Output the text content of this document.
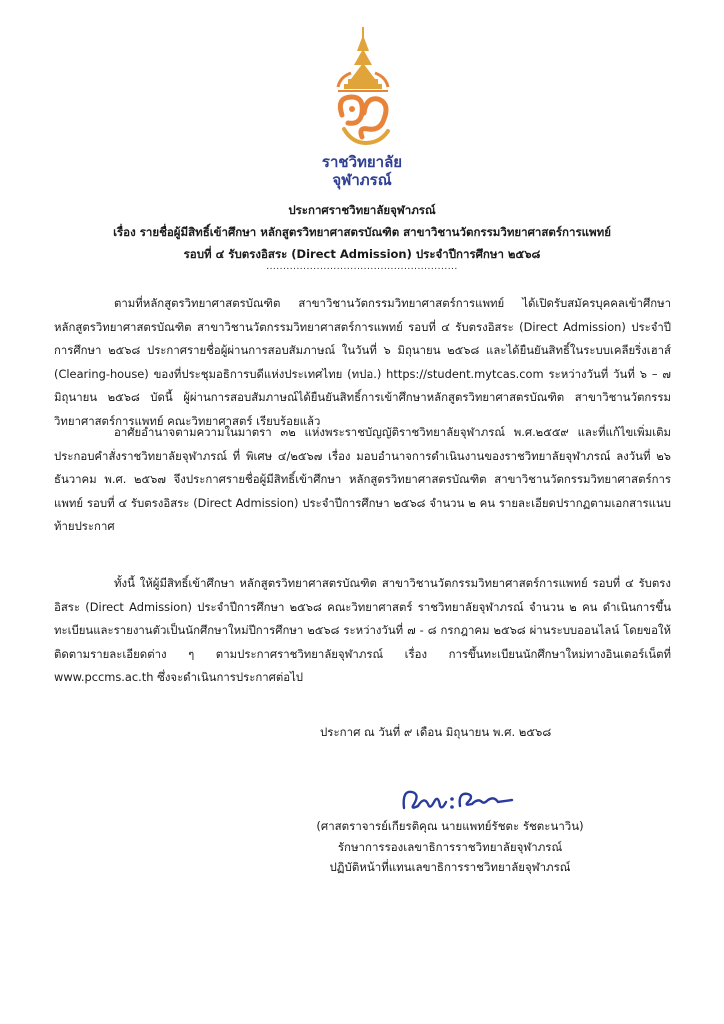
ราชวิทยาลัย
จุฬาภรณ์
ประกาศราชวิทยาลัยจุฬาภรณ์
เรื่อง รายชื่อผู้มีสิทธิ์เข้าศึกษา หลักสูตรวิทยาศาสตรบัณฑิต สาขาวิชานวัตกรรมวิทยาศาสตร์การแพทย์
รอบที่ ๔ รับตรงอิสระ (Direct Admission) ประจำปีการศึกษา ๒๕๖๘
.........................................................

ตามที่หลักสูตรวิทยาศาสตรบัณฑิต สาขาวิชานวัตกรรมวิทยาศาสตร์การแพทย์ ได้เปิดรับสมัครบุคคลเข้าศึกษาหลักสูตรวิทยาศาสตรบัณฑิต สาขาวิชานวัตกรรมวิทยาศาสตร์การแพทย์ รอบที่ ๔ รับตรงอิสระ (Direct Admission) ประจำปีการศึกษา ๒๕๖๘ ประกาศรายชื่อผู้ผ่านการสอบสัมภาษณ์ ในวันที่ ๖ มิถุนายน ๒๕๖๘ และได้ยืนยันสิทธิ์ในระบบเคลียริ่งเฮาส์ (Clearing-house) ของที่ประชุมอธิการบดีแห่งประเทศไทย (ทปอ.) https://student.mytcas.com ระหว่างวันที่ วันที่ ๖ – ๗ มิถุนายน ๒๕๖๘ บัดนี้ ผู้ผ่านการสอบสัมภาษณ์ได้ยืนยันสิทธิ์การเข้าศึกษาหลักสูตรวิทยาศาสตรบัณฑิต สาขาวิชานวัตกรรมวิทยาศาสตร์การแพทย์ คณะวิทยาศาสตร์ เรียบร้อยแล้ว

อาศัยอำนาจตามความในมาตรา ๓๒ แห่งพระราชบัญญัติราชวิทยาลัยจุฬาภรณ์ พ.ศ.๒๕๕๙ และที่แก้ไขเพิ่มเติม ประกอบคำสั่งราชวิทยาลัยจุฬาภรณ์ ที่ พิเศษ ๔/๒๕๖๗ เรื่อง มอบอำนาจการดำเนินงานของราชวิทยาลัยจุฬาภรณ์ ลงวันที่ ๒๖ ธันวาคม พ.ศ. ๒๕๖๗ จึงประกาศรายชื่อผู้มีสิทธิ์เข้าศึกษา หลักสูตรวิทยาศาสตรบัณฑิต สาขาวิชานวัตกรรมวิทยาศาสตร์การแพทย์ รอบที่ ๔ รับตรงอิสระ (Direct Admission) ประจำปีการศึกษา ๒๕๖๘ จำนวน ๒ คน รายละเอียดปรากฏตามเอกสารแนบท้ายประกาศ

ทั้งนี้ ให้ผู้มีสิทธิ์เข้าศึกษา หลักสูตรวิทยาศาสตรบัณฑิต สาขาวิชานวัตกรรมวิทยาศาสตร์การแพทย์ รอบที่ ๔ รับตรงอิสระ (Direct Admission) ประจำปีการศึกษา ๒๕๖๘ คณะวิทยาศาสตร์ ราชวิทยาลัยจุฬาภรณ์ จำนวน ๒ คน ดำเนินการขึ้นทะเบียนและรายงานตัวเป็นนักศึกษาใหม่ปีการศึกษา ๒๕๖๘ ระหว่างวันที่ ๗ - ๘ กรกฎาคม ๒๕๖๘ ผ่านระบบออนไลน์ โดยขอให้ติดตามรายละเอียดต่าง ๆ ตามประกาศราชวิทยาลัยจุฬาภรณ์ เรื่อง การขึ้นทะเบียนนักศึกษาใหม่ทางอินเตอร์เน็ตที่ www.pccms.ac.th ซึ่งจะดำเนินการประกาศต่อไป

ประกาศ ณ วันที่ ๙ เดือน มิถุนายน พ.ศ. ๒๕๖๘
(ศาสตราจารย์เกียรติคุณ นายแพทย์รัชตะ รัชตะนาวิน)
รักษาการรองเลขาธิการราชวิทยาลัยจุฬาภรณ์
ปฏิบัติหน้าที่แทนเลขาธิการราชวิทยาลัยจุฬาภรณ์
